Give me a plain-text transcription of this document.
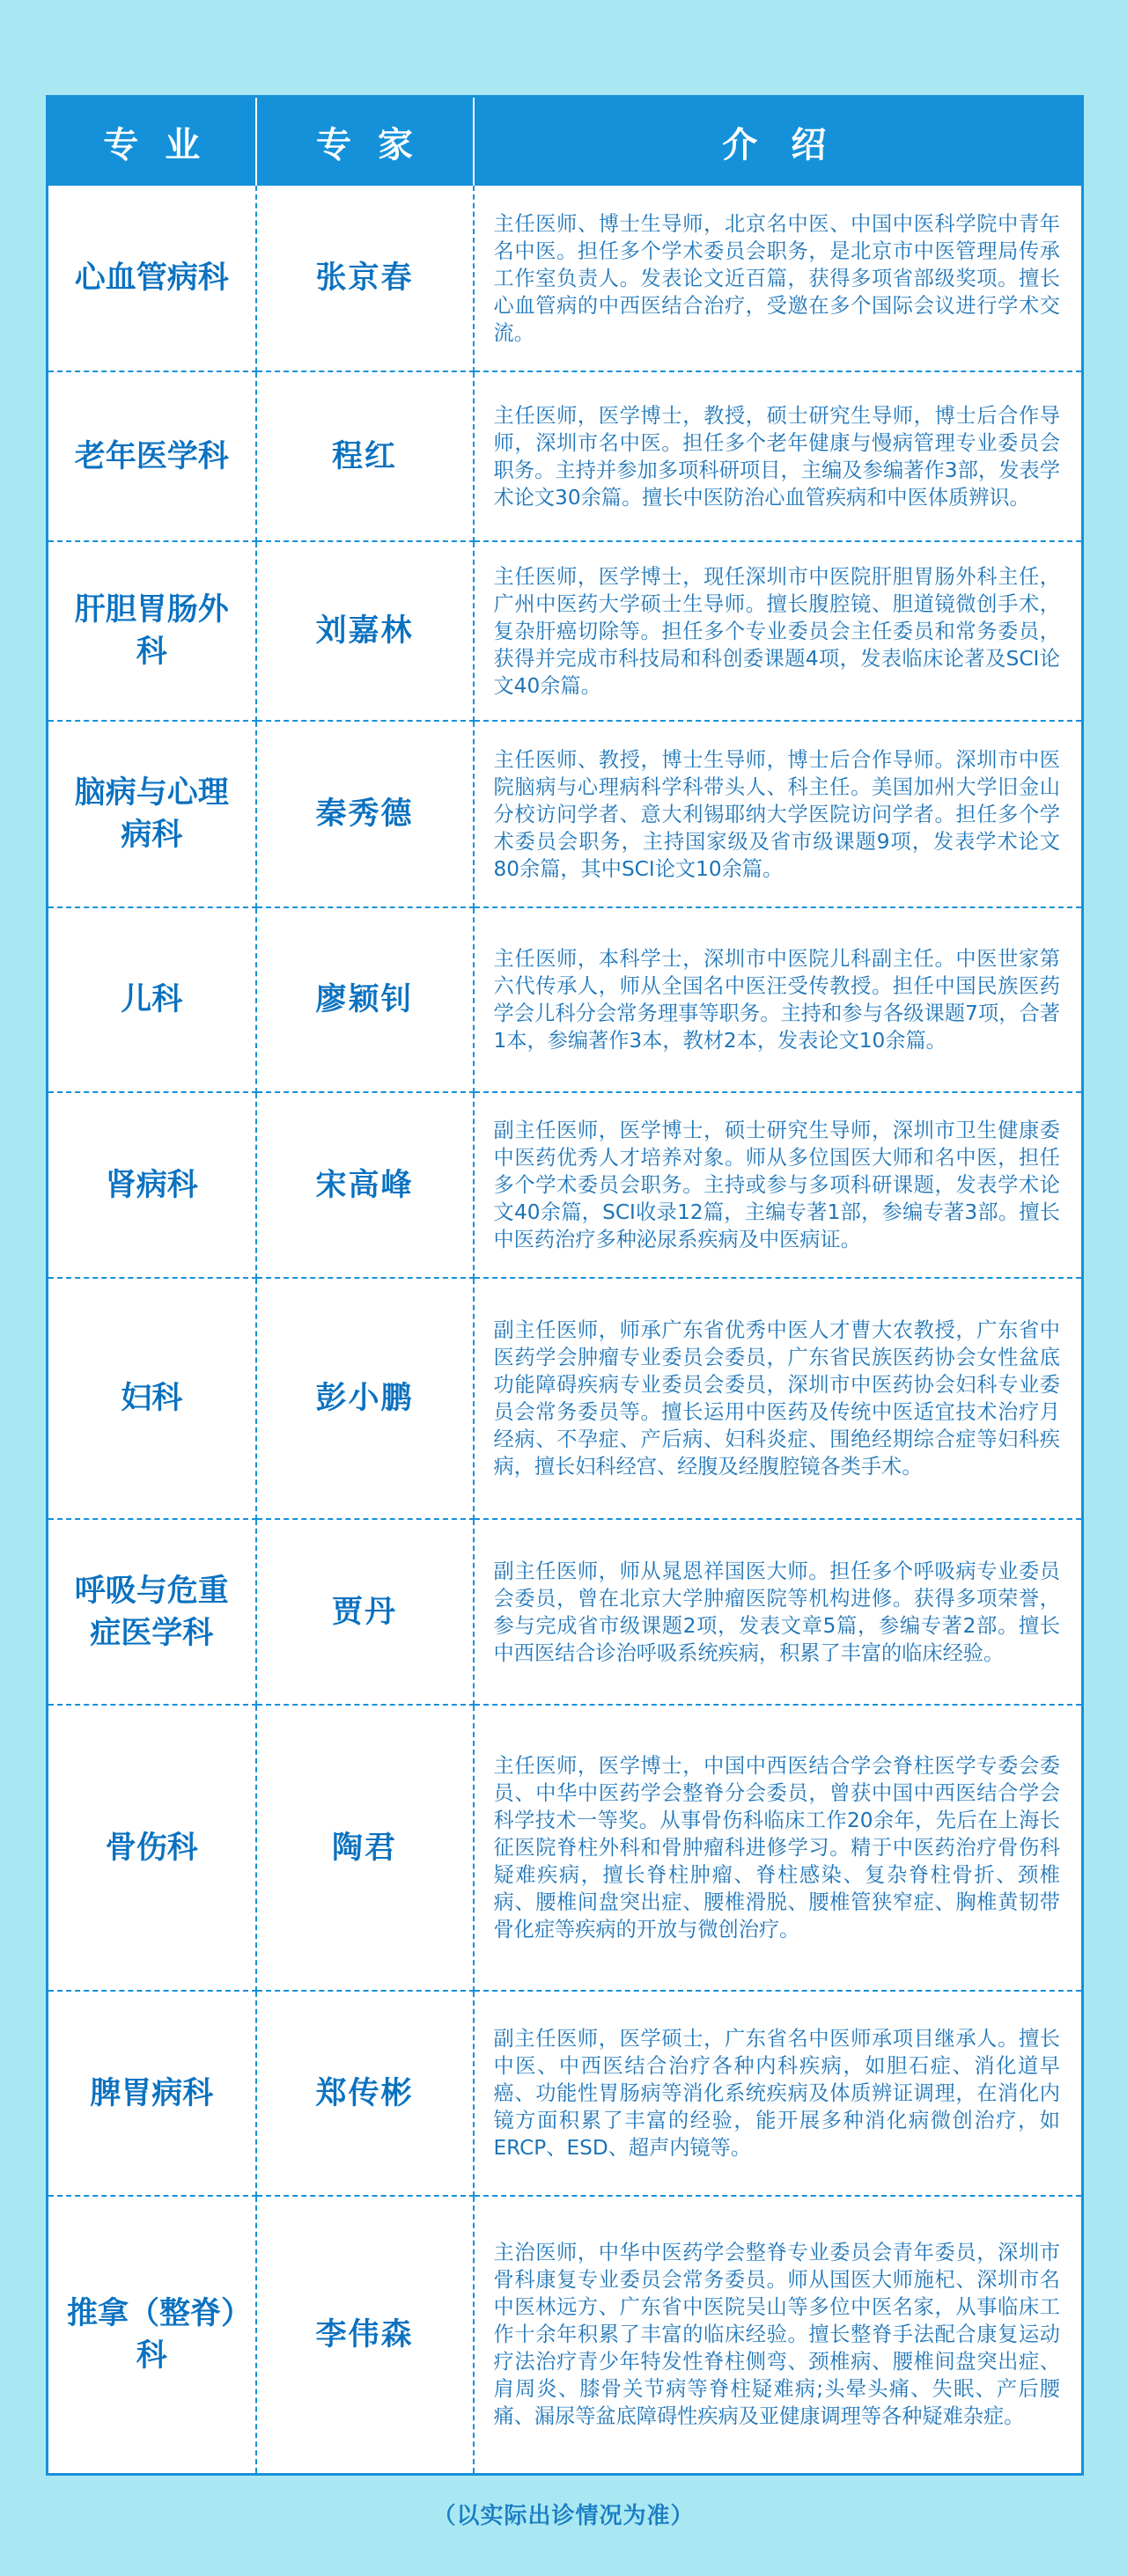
专业	专家	介绍
心血管病科	张京春	主任医师、博士生导师，北京名中医、中国中医科学院中青年名中医。担任多个学术委员会职务，是北京市中医管理局传承工作室负责人。发表论文近百篇，获得多项省部级奖项。擅长心血管病的中西医结合治疗，受邀在多个国际会议进行学术交流。
老年医学科	程红	主任医师，医学博士，教授，硕士研究生导师，博士后合作导师，深圳市名中医。担任多个老年健康与慢病管理专业委员会职务。主持并参加多项科研项目，主编及参编著作3部，发表学术论文30余篇。擅长中医防治心血管疾病和中医体质辨识。
肝胆胃肠外科	刘嘉林	主任医师，医学博士，现任深圳市中医院肝胆胃肠外科主任，广州中医药大学硕士生导师。擅长腹腔镜、胆道镜微创手术，复杂肝癌切除等。担任多个专业委员会主任委员和常务委员，获得并完成市科技局和科创委课题4项，发表临床论著及SCI论文40余篇。
脑病与心理病科	秦秀德	主任医师、教授，博士生导师，博士后合作导师。深圳市中医院脑病与心理病科学科带头人、科主任。美国加州大学旧金山分校访问学者、意大利锡耶纳大学医院访问学者。担任多个学术委员会职务，主持国家级及省市级课题9项，发表学术论文80余篇，其中SCI论文10余篇。
儿科	廖颖钊	主任医师，本科学士，深圳市中医院儿科副主任。中医世家第六代传承人，师从全国名中医汪受传教授。担任中国民族医药学会儿科分会常务理事等职务。主持和参与各级课题7项，合著1本，参编著作3本，教材2本，发表论文10余篇。
肾病科	宋高峰	副主任医师，医学博士，硕士研究生导师，深圳市卫生健康委中医药优秀人才培养对象。师从多位国医大师和名中医，担任多个学术委员会职务。主持或参与多项科研课题，发表学术论文40余篇，SCI收录12篇，主编专著1部，参编专著3部。擅长中医药治疗多种泌尿系疾病及中医病证。
妇科	彭小鹏	副主任医师，师承广东省优秀中医人才曹大农教授，广东省中医药学会肿瘤专业委员会委员，广东省民族医药协会女性盆底功能障碍疾病专业委员会委员，深圳市中医药协会妇科专业委员会常务委员等。擅长运用中医药及传统中医适宜技术治疗月经病、不孕症、产后病、妇科炎症、围绝经期综合症等妇科疾病，擅长妇科经宫、经腹及经腹腔镜各类手术。
呼吸与危重症医学科	贾丹	副主任医师，师从晁恩祥国医大师。担任多个呼吸病专业委员会委员，曾在北京大学肿瘤医院等机构进修。获得多项荣誉，参与完成省市级课题2项，发表文章5篇，参编专著2部。擅长中西医结合诊治呼吸系统疾病，积累了丰富的临床经验。
骨伤科	陶君	主任医师，医学博士，中国中西医结合学会脊柱医学专委会委员、中华中医药学会整脊分会委员，曾获中国中西医结合学会科学技术一等奖。从事骨伤科临床工作20余年，先后在上海长征医院脊柱外科和骨肿瘤科进修学习。精于中医药治疗骨伤科疑难疾病，擅长脊柱肿瘤、脊柱感染、复杂脊柱骨折、颈椎病、腰椎间盘突出症、腰椎滑脱、腰椎管狭窄症、胸椎黄韧带骨化症等疾病的开放与微创治疗。
脾胃病科	郑传彬	副主任医师，医学硕士，广东省名中医师承项目继承人。擅长中医、中西医结合治疗各种内科疾病，如胆石症、消化道早癌、功能性胃肠病等消化系统疾病及体质辨证调理，在消化内镜方面积累了丰富的经验，能开展多种消化病微创治疗，如ERCP、ESD、超声内镜等。
推拿（整脊）科	李伟森	主治医师，中华中医药学会整脊专业委员会青年委员，深圳市骨科康复专业委员会常务委员。师从国医大师施杞、深圳市名中医林远方、广东省中医院吴山等多位中医名家，从事临床工作十余年积累了丰富的临床经验。擅长整脊手法配合康复运动疗法治疗青少年特发性脊柱侧弯、颈椎病、腰椎间盘突出症、肩周炎、膝骨关节病等脊柱疑难病;头晕头痛、失眠、产后腰痛、漏尿等盆底障碍性疾病及亚健康调理等各种疑难杂症。
（以实际出诊情况为准）
